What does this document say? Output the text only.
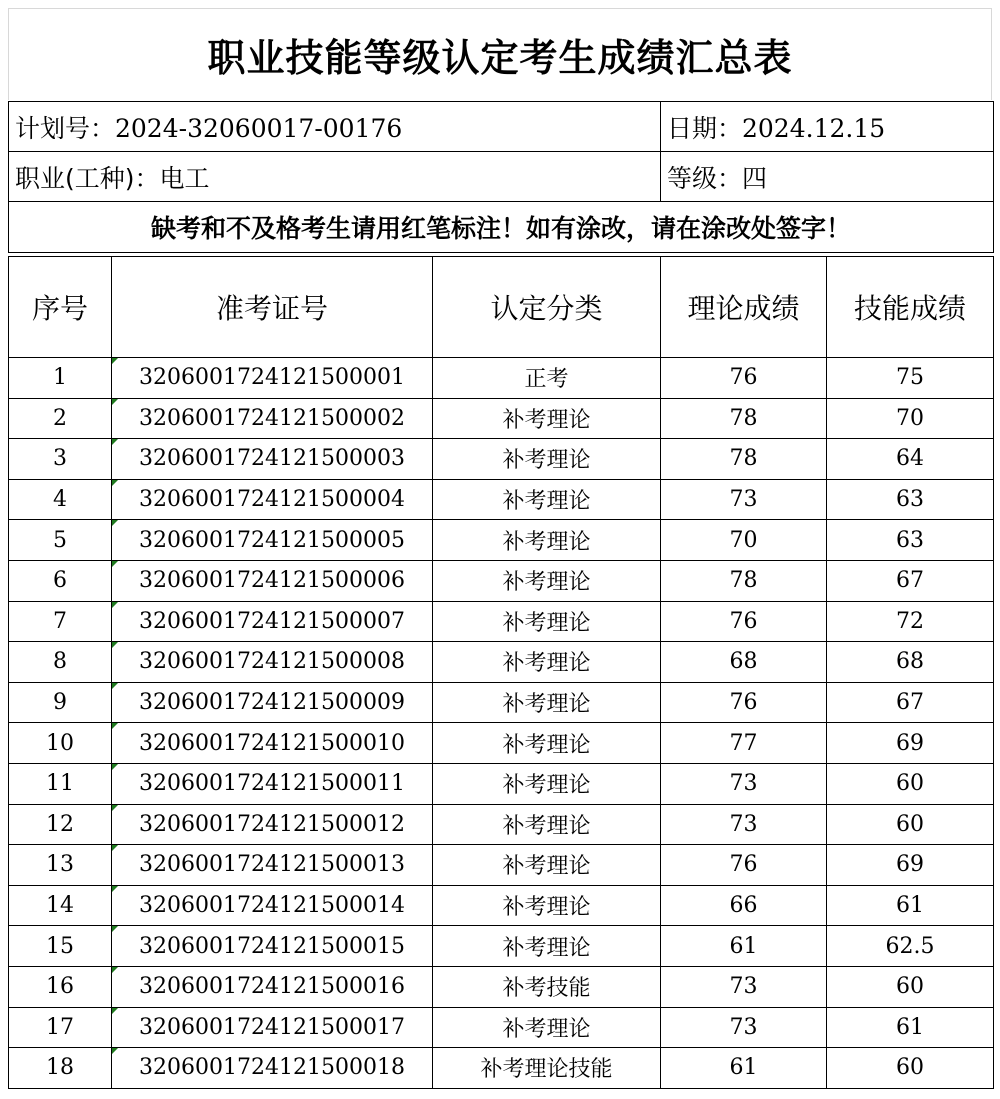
职业技能等级认定考生成绩汇总表
计划号：2024-32060017-00176	日期：2024.12.15
职业(工种)：电工	等级：四
缺考和不及格考生请用红笔标注！如有涂改，请在涂改处签字！	
序号	准考证号	认定分类	理论成绩	技能成绩
1	3206001724121500001	正考	76	75
2	3206001724121500002	补考理论	78	70
3	3206001724121500003	补考理论	78	64
4	3206001724121500004	补考理论	73	63
5	3206001724121500005	补考理论	70	63
6	3206001724121500006	补考理论	78	67
7	3206001724121500007	补考理论	76	72
8	3206001724121500008	补考理论	68	68
9	3206001724121500009	补考理论	76	67
10	3206001724121500010	补考理论	77	69
11	3206001724121500011	补考理论	73	60
12	3206001724121500012	补考理论	73	60
13	3206001724121500013	补考理论	76	69
14	3206001724121500014	补考理论	66	61
15	3206001724121500015	补考理论	61	62.5
16	3206001724121500016	补考技能	73	60
17	3206001724121500017	补考理论	73	61
18	3206001724121500018	补考理论技能	61	60
